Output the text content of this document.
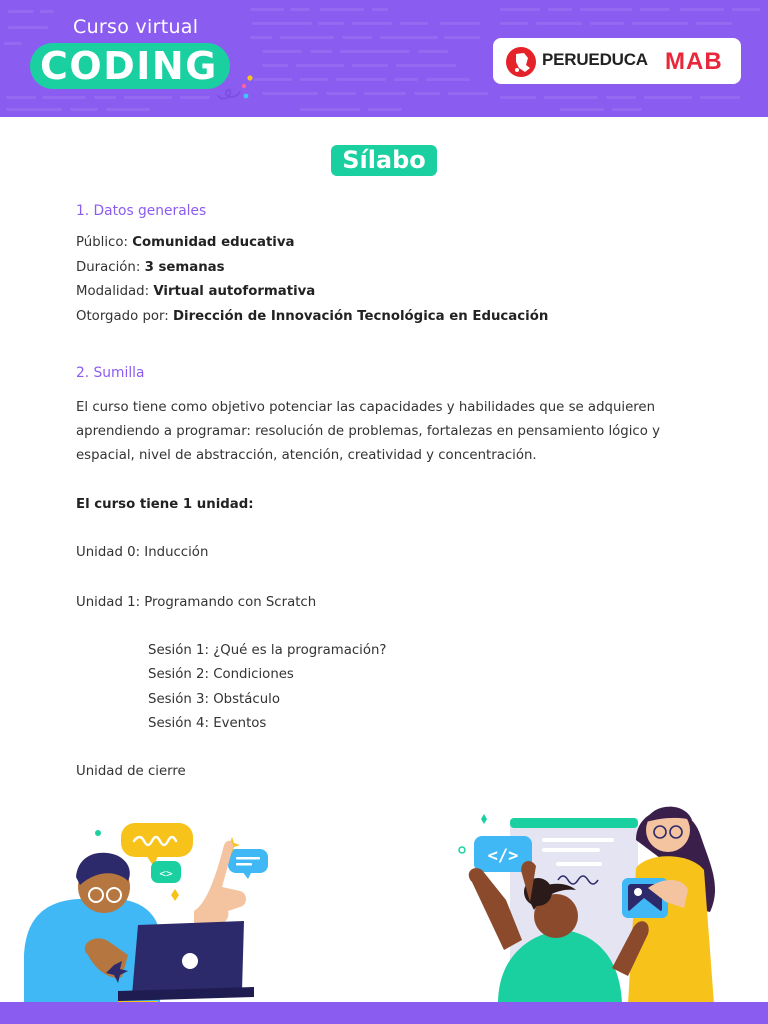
Curso virtual
CODING	PERUEDUCA MAB
Sílabo
1. Datos generales
Público: Comunidad educativa
Duración: 3 semanas
Modalidad: Virtual autoformativa
Otorgado por: Dirección de Innovación Tecnológica en Educación
2. Sumilla
El curso tiene como objetivo potenciar las capacidades y habilidades que se adquieren
aprendiendo a programar: resolución de problemas, fortalezas en pensamiento lógico y
espacial, nivel de abstracción, atención, creatividad y concentración.
El curso tiene 1 unidad:
Unidad 0: Inducción
Unidad 1: Programando con Scratch
Sesión 1: ¿Qué es la programación?
Sesión 2: Condiciones
Sesión 3: Obstáculo
Sesión 4: Eventos
Unidad de cierre
<>
</>
